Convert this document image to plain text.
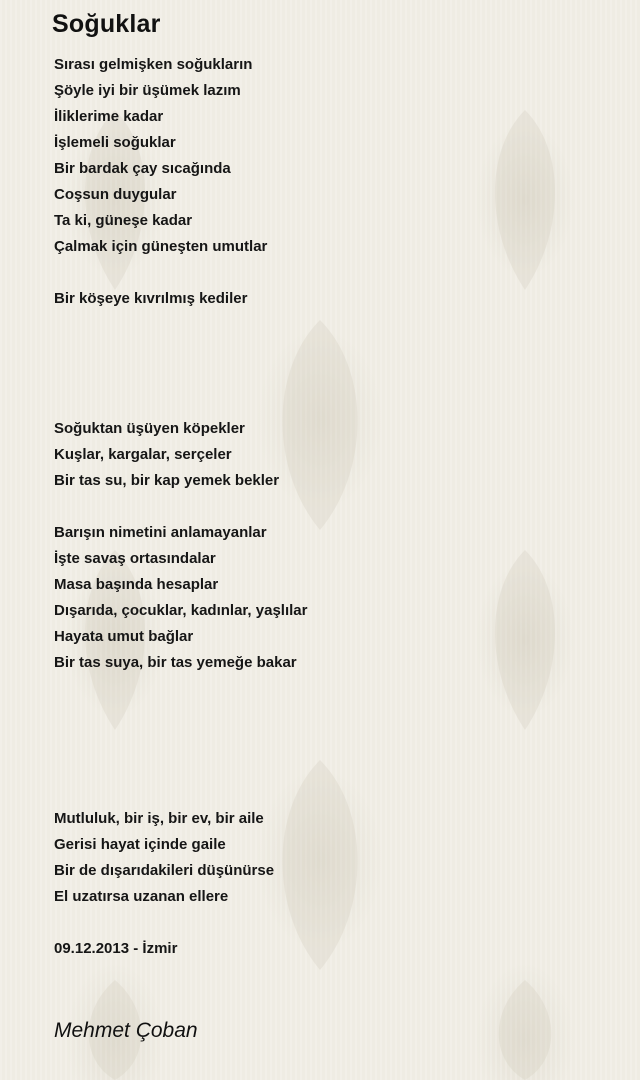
Soğuklar
Sırası gelmişken soğukların
Şöyle iyi bir üşümek lazım
İliklerime kadar
İşlemeli soğuklar
Bir bardak çay sıcağında
Coşsun duygular
Ta ki, güneşe kadar
Çalmak için güneşten umutlar
Bir köşeye kıvrılmış kediler
Soğuktan üşüyen köpekler
Kuşlar, kargalar, serçeler
Bir tas su, bir kap yemek bekler
Barışın nimetini anlamayanlar
İşte savaş ortasındalar
Masa başında hesaplar
Dışarıda, çocuklar, kadınlar, yaşlılar
Hayata umut bağlar
Bir tas suya, bir tas yemeğe bakar
Mutluluk, bir iş, bir ev, bir aile
Gerisi hayat içinde gaile
Bir de dışarıdakileri düşünürse
El uzatırsa uzanan ellere
09.12.2013 - İzmir
Mehmet Çoban
